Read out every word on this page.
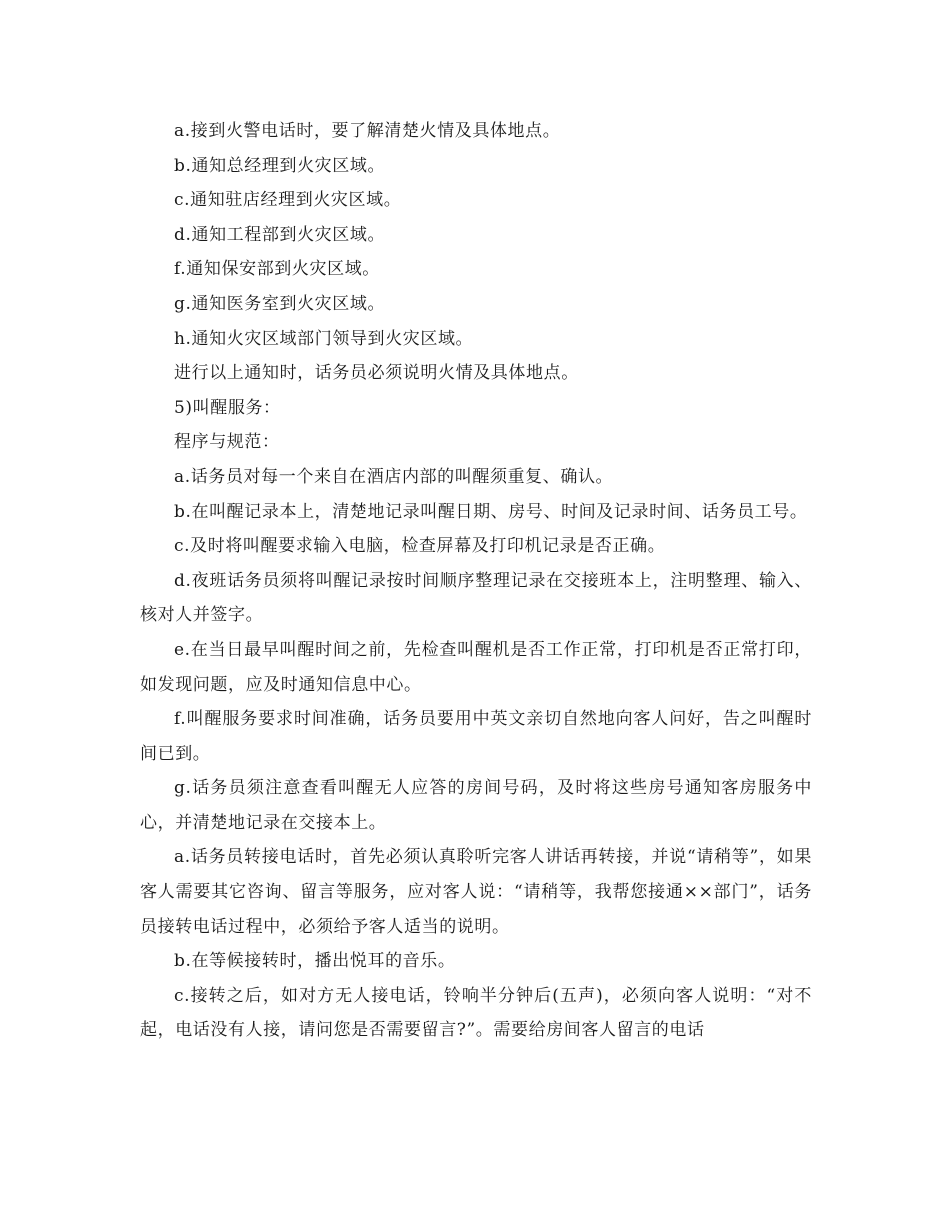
a.接到火警电话时，要了解清楚火情及具体地点。

b.通知总经理到火灾区域。

c.通知驻店经理到火灾区域。

d.通知工程部到火灾区域。

f.通知保安部到火灾区域。

g.通知医务室到火灾区域。

h.通知火灾区域部门领导到火灾区域。

进行以上通知时，话务员必须说明火情及具体地点。

5)叫醒服务：

程序与规范：

a.话务员对每一个来自在酒店内部的叫醒须重复、确认。

b.在叫醒记录本上，清楚地记录叫醒日期、房号、时间及记录时间、话务员工号。

c.及时将叫醒要求输入电脑，检查屏幕及打印机记录是否正确。

d.夜班话务员须将叫醒记录按时间顺序整理记录在交接班本上，注明整理、输入、核对人并签字。

e.在当日最早叫醒时间之前，先检查叫醒机是否工作正常，打印机是否正常打印，如发现问题，应及时通知信息中心。

f.叫醒服务要求时间准确，话务员要用中英文亲切自然地向客人问好，告之叫醒时间已到。

g.话务员须注意查看叫醒无人应答的房间号码，及时将这些房号通知客房服务中心，并清楚地记录在交接本上。

a.话务员转接电话时，首先必须认真聆听完客人讲话再转接，并说“请稍等”，如果客人需要其它咨询、留言等服务，应对客人说：“请稍等，我帮您接通××部门”，话务员接转电话过程中，必须给予客人适当的说明。

b.在等候接转时，播出悦耳的音乐。

c.接转之后，如对方无人接电话，铃响半分钟后(五声)，必须向客人说明：“对不起，电话没有人接，请问您是否需要留言?”。需要给房间客人留言的电话
